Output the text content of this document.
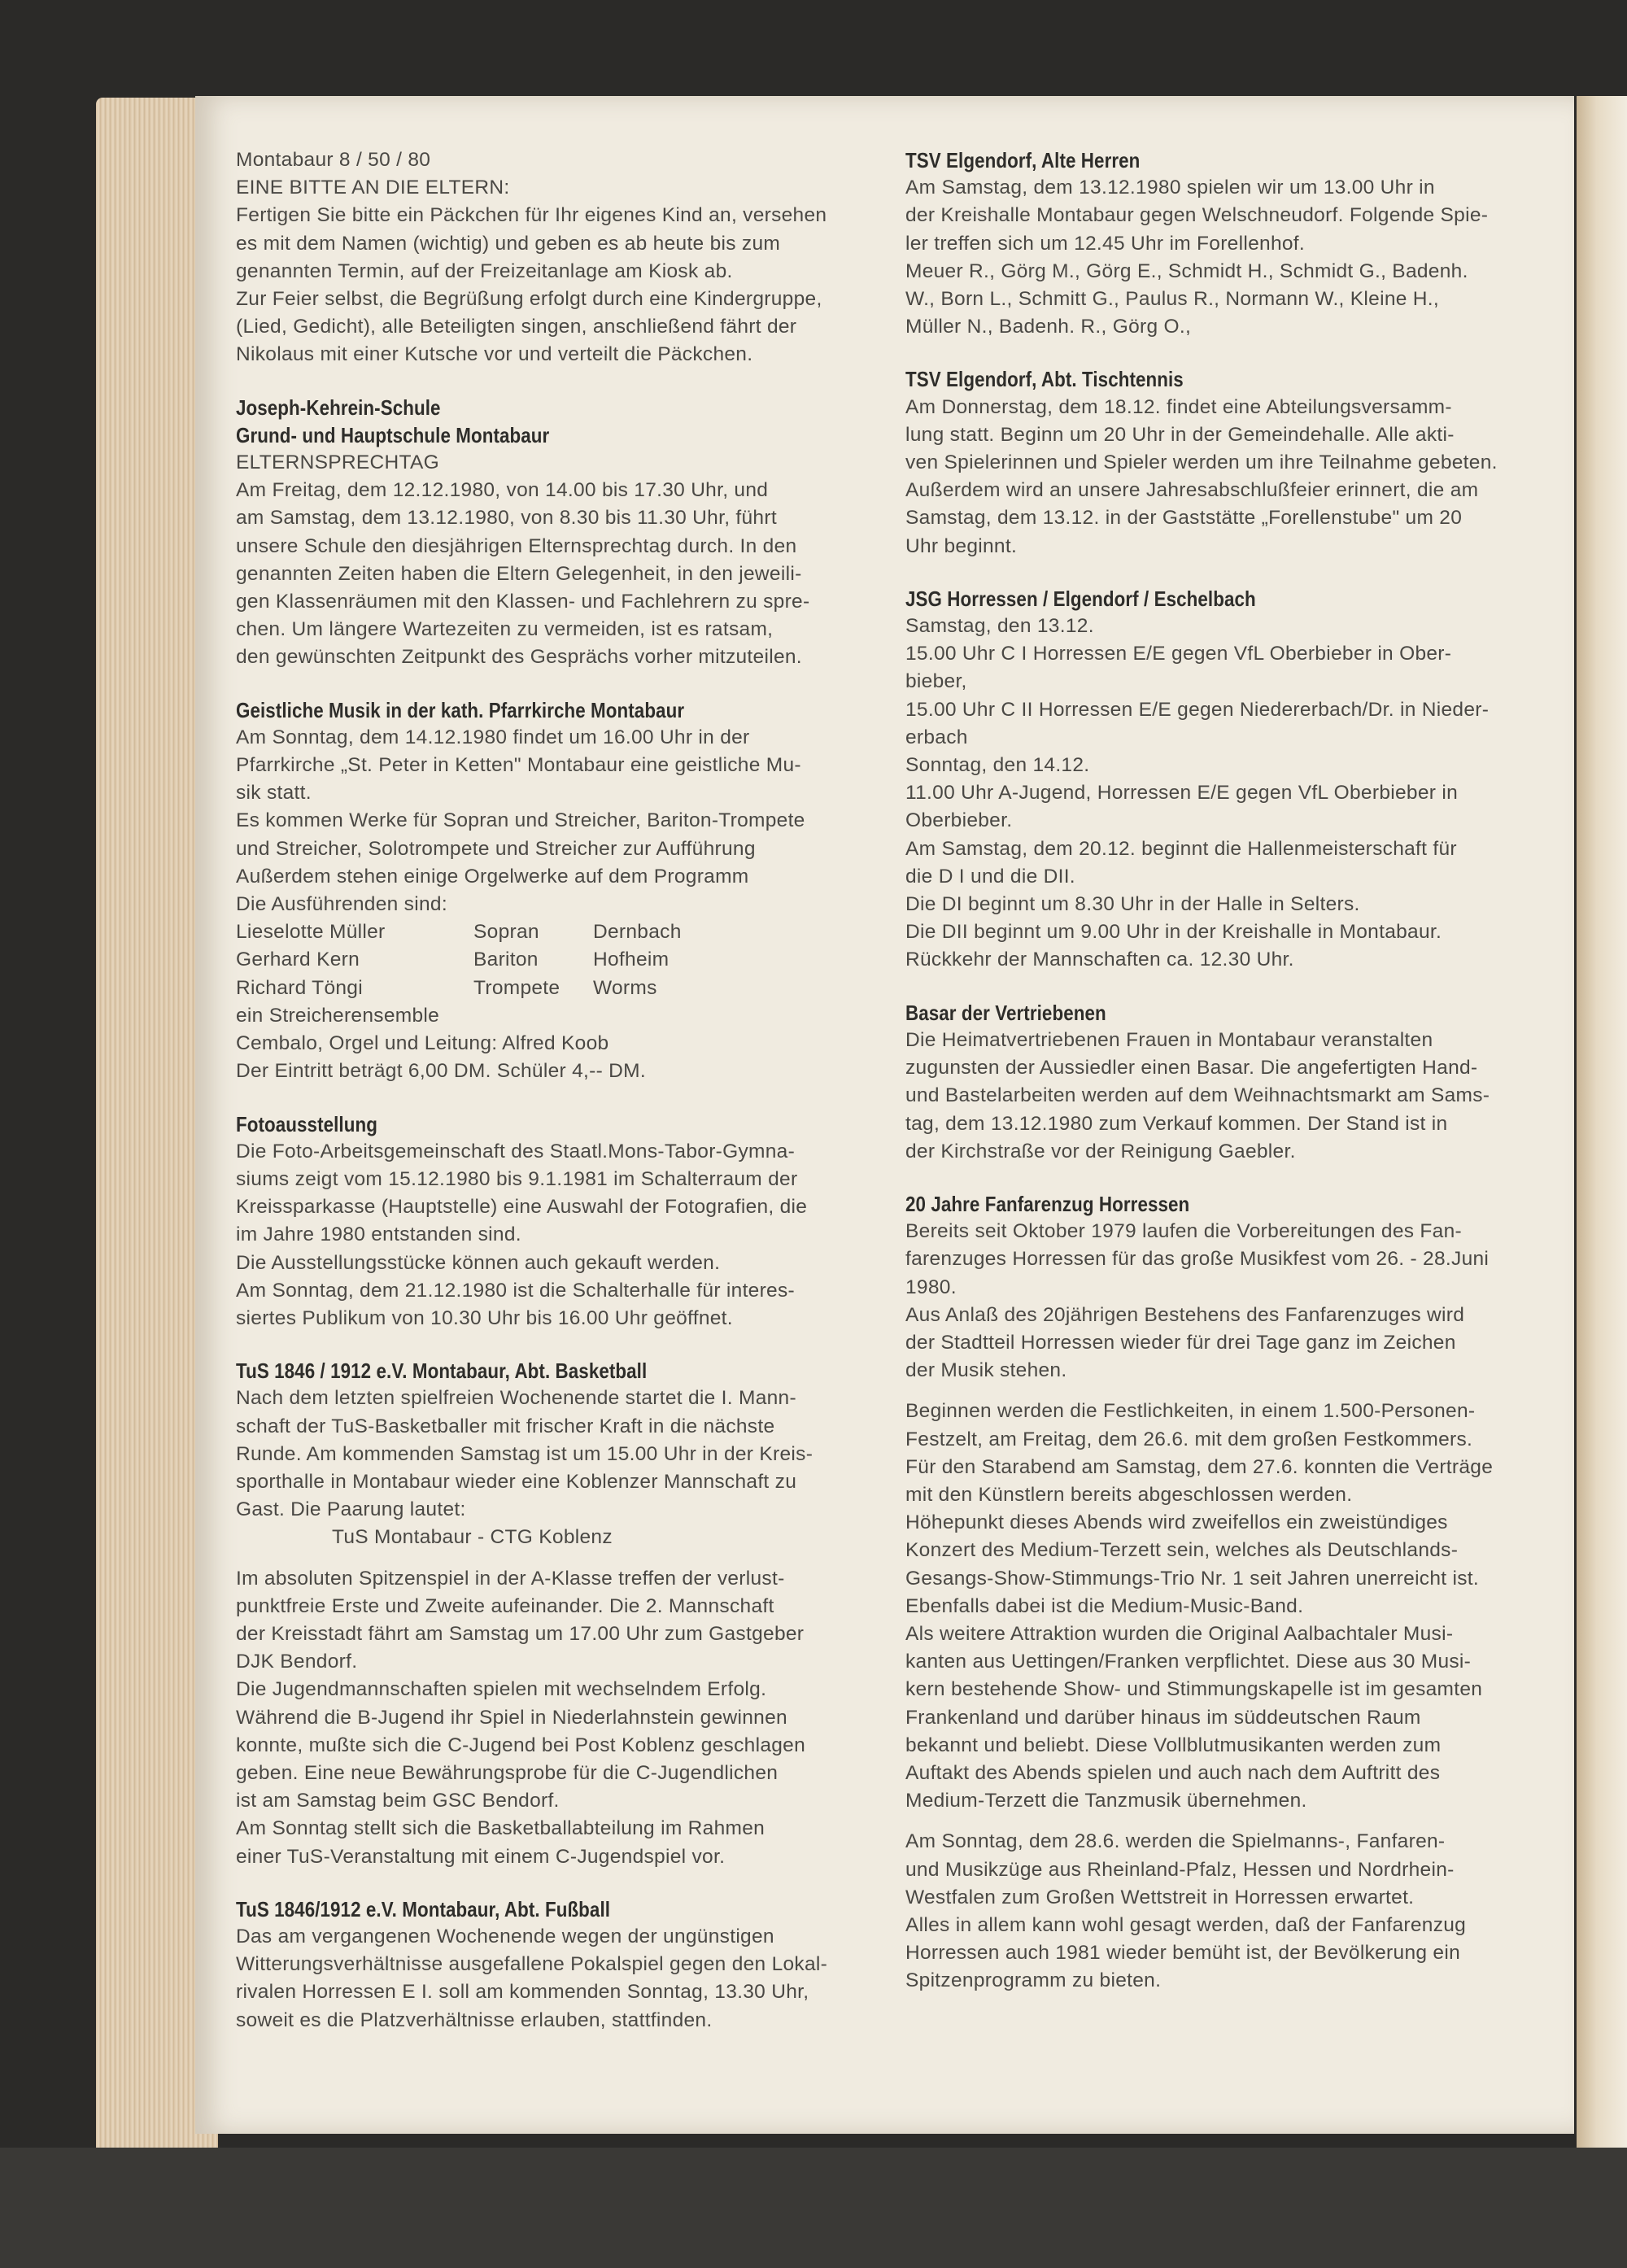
Montabaur 8 / 50 / 80

EINE BITTE AN DIE ELTERN:

Fertigen Sie bitte ein Päckchen für Ihr eigenes Kind an, versehen
es mit dem Namen (wichtig) und geben es ab heute bis zum
genannten Termin, auf der Freizeitanlage am Kiosk ab.
Zur Feier selbst, die Begrüßung erfolgt durch eine Kindergruppe,
(Lied, Gedicht), alle Beteiligten singen, anschließend fährt der
Nikolaus mit einer Kutsche vor und verteilt die Päckchen.

Joseph-Kehrein-Schule

Grund- und Hauptschule Montabaur

ELTERNSPRECHTAG

Am Freitag, dem 12.12.1980, von 14.00 bis 17.30 Uhr, und
am Samstag, dem 13.12.1980, von 8.30 bis 11.30 Uhr, führt
unsere Schule den diesjährigen Elternsprechtag durch. In den
genannten Zeiten haben die Eltern Gelegenheit, in den jeweili-
gen Klassenräumen mit den Klassen- und Fachlehrern zu spre-
chen. Um längere Wartezeiten zu vermeiden, ist es ratsam,
den gewünschten Zeitpunkt des Gesprächs vorher mitzuteilen.

Geistliche Musik in der kath. Pfarrkirche Montabaur

Am Sonntag, dem 14.12.1980 findet um 16.00 Uhr in der
Pfarrkirche „St. Peter in Ketten" Montabaur eine geistliche Mu-
sik statt.
Es kommen Werke für Sopran und Streicher, Bariton-Trompete
und Streicher, Solotrompete und Streicher zur Aufführung
Außerdem stehen einige Orgelwerke auf dem Programm
Die Ausführenden sind:

Lieselotte Müller	Sopran	Dernbach
Gerhard Kern	Bariton	Hofheim
Richard Töngi	Trompete	Worms

ein Streicherensemble
Cembalo, Orgel und Leitung: Alfred Koob
Der Eintritt beträgt 6,00 DM. Schüler 4,-- DM.

Fotoausstellung

Die Foto-Arbeitsgemeinschaft des Staatl.Mons-Tabor-Gymna-
siums zeigt vom 15.12.1980 bis 9.1.1981 im Schalterraum der
Kreissparkasse (Hauptstelle) eine Auswahl der Fotografien, die
im Jahre 1980 entstanden sind.
Die Ausstellungsstücke können auch gekauft werden.
Am Sonntag, dem 21.12.1980 ist die Schalterhalle für interes-
siertes Publikum von 10.30 Uhr bis 16.00 Uhr geöffnet.

TuS 1846 / 1912 e.V. Montabaur, Abt. Basketball

Nach dem letzten spielfreien Wochenende startet die I. Mann-
schaft der TuS-Basketballer mit frischer Kraft in die nächste
Runde. Am kommenden Samstag ist um 15.00 Uhr in der Kreis-
sporthalle in Montabaur wieder eine Koblenzer Mannschaft zu
Gast. Die Paarung lautet:

TuS Montabaur - CTG Koblenz

Im absoluten Spitzenspiel in der A-Klasse treffen der verlust-
punktfreie Erste und Zweite aufeinander. Die 2. Mannschaft
der Kreisstadt fährt am Samstag um 17.00 Uhr zum Gastgeber
DJK Bendorf.
Die Jugendmannschaften spielen mit wechselndem Erfolg.
Während die B-Jugend ihr Spiel in Niederlahnstein gewinnen
konnte, mußte sich die C-Jugend bei Post Koblenz geschlagen
geben. Eine neue Bewährungsprobe für die C-Jugendlichen
ist am Samstag beim GSC Bendorf.
Am Sonntag stellt sich die Basketballabteilung im Rahmen
einer TuS-Veranstaltung mit einem C-Jugendspiel vor.

TuS 1846/1912 e.V. Montabaur, Abt. Fußball

Das am vergangenen Wochenende wegen der ungünstigen
Witterungsverhältnisse ausgefallene Pokalspiel gegen den Lokal-
rivalen Horressen E I. soll am kommenden Sonntag, 13.30 Uhr,
soweit es die Platzverhältnisse erlauben, stattfinden.

TSV Elgendorf, Alte Herren

Am Samstag, dem 13.12.1980 spielen wir um 13.00 Uhr in
der Kreishalle Montabaur gegen Welschneudorf. Folgende Spie-
ler treffen sich um 12.45 Uhr im Forellenhof.
Meuer R., Görg M., Görg E., Schmidt H., Schmidt G., Badenh.
W., Born L., Schmitt G., Paulus R., Normann W., Kleine H.,
Müller N., Badenh. R., Görg O.,

TSV Elgendorf, Abt. Tischtennis

Am Donnerstag, dem 18.12. findet eine Abteilungsversamm-
lung statt. Beginn um 20 Uhr in der Gemeindehalle. Alle akti-
ven Spielerinnen und Spieler werden um ihre Teilnahme gebeten.
Außerdem wird an unsere Jahresabschlußfeier erinnert, die am
Samstag, dem 13.12. in der Gaststätte „Forellenstube" um 20
Uhr beginnt.

JSG Horressen / Elgendorf / Eschelbach

Samstag, den 13.12.
15.00 Uhr C I Horressen E/E gegen VfL Oberbieber in Ober-
bieber,
15.00 Uhr C II Horressen E/E gegen Niedererbach/Dr. in Nieder-
erbach
Sonntag, den 14.12.
11.00 Uhr A-Jugend, Horressen E/E gegen VfL Oberbieber in
Oberbieber.
Am Samstag, dem 20.12. beginnt die Hallenmeisterschaft für
die D I und die DII.
Die DI beginnt um 8.30 Uhr in der Halle in Selters.
Die DII beginnt um 9.00 Uhr in der Kreishalle in Montabaur.
Rückkehr der Mannschaften ca. 12.30 Uhr.

Basar der Vertriebenen

Die Heimatvertriebenen Frauen in Montabaur veranstalten
zugunsten der Aussiedler einen Basar. Die angefertigten Hand-
und Bastelarbeiten werden auf dem Weihnachtsmarkt am Sams-
tag, dem 13.12.1980 zum Verkauf kommen. Der Stand ist in
der Kirchstraße vor der Reinigung Gaebler.

20 Jahre Fanfarenzug Horressen

Bereits seit Oktober 1979 laufen die Vorbereitungen des Fan-
farenzuges Horressen für das große Musikfest vom 26. - 28.Juni
1980.
Aus Anlaß des 20jährigen Bestehens des Fanfarenzuges wird
der Stadtteil Horressen wieder für drei Tage ganz im Zeichen
der Musik stehen.

Beginnen werden die Festlichkeiten, in einem 1.500-Personen-
Festzelt, am Freitag, dem 26.6. mit dem großen Festkommers.
Für den Starabend am Samstag, dem 27.6. konnten die Verträge
mit den Künstlern bereits abgeschlossen werden.
Höhepunkt dieses Abends wird zweifellos ein zweistündiges
Konzert des Medium-Terzett sein, welches als Deutschlands-
Gesangs-Show-Stimmungs-Trio Nr. 1 seit Jahren unerreicht ist.
Ebenfalls dabei ist die Medium-Music-Band.
Als weitere Attraktion wurden die Original Aalbachtaler Musi-
kanten aus Uettingen/Franken verpflichtet. Diese aus 30 Musi-
kern bestehende Show- und Stimmungskapelle ist im gesamten
Frankenland und darüber hinaus im süddeutschen Raum
bekannt und beliebt. Diese Vollblutmusikanten werden zum
Auftakt des Abends spielen und auch nach dem Auftritt des
Medium-Terzett die Tanzmusik übernehmen.

Am Sonntag, dem 28.6. werden die Spielmanns-, Fanfaren-
und Musikzüge aus Rheinland-Pfalz, Hessen und Nordrhein-
Westfalen zum Großen Wettstreit in Horressen erwartet.
Alles in allem kann wohl gesagt werden, daß der Fanfarenzug
Horressen auch 1981 wieder bemüht ist, der Bevölkerung ein
Spitzenprogramm zu bieten.
